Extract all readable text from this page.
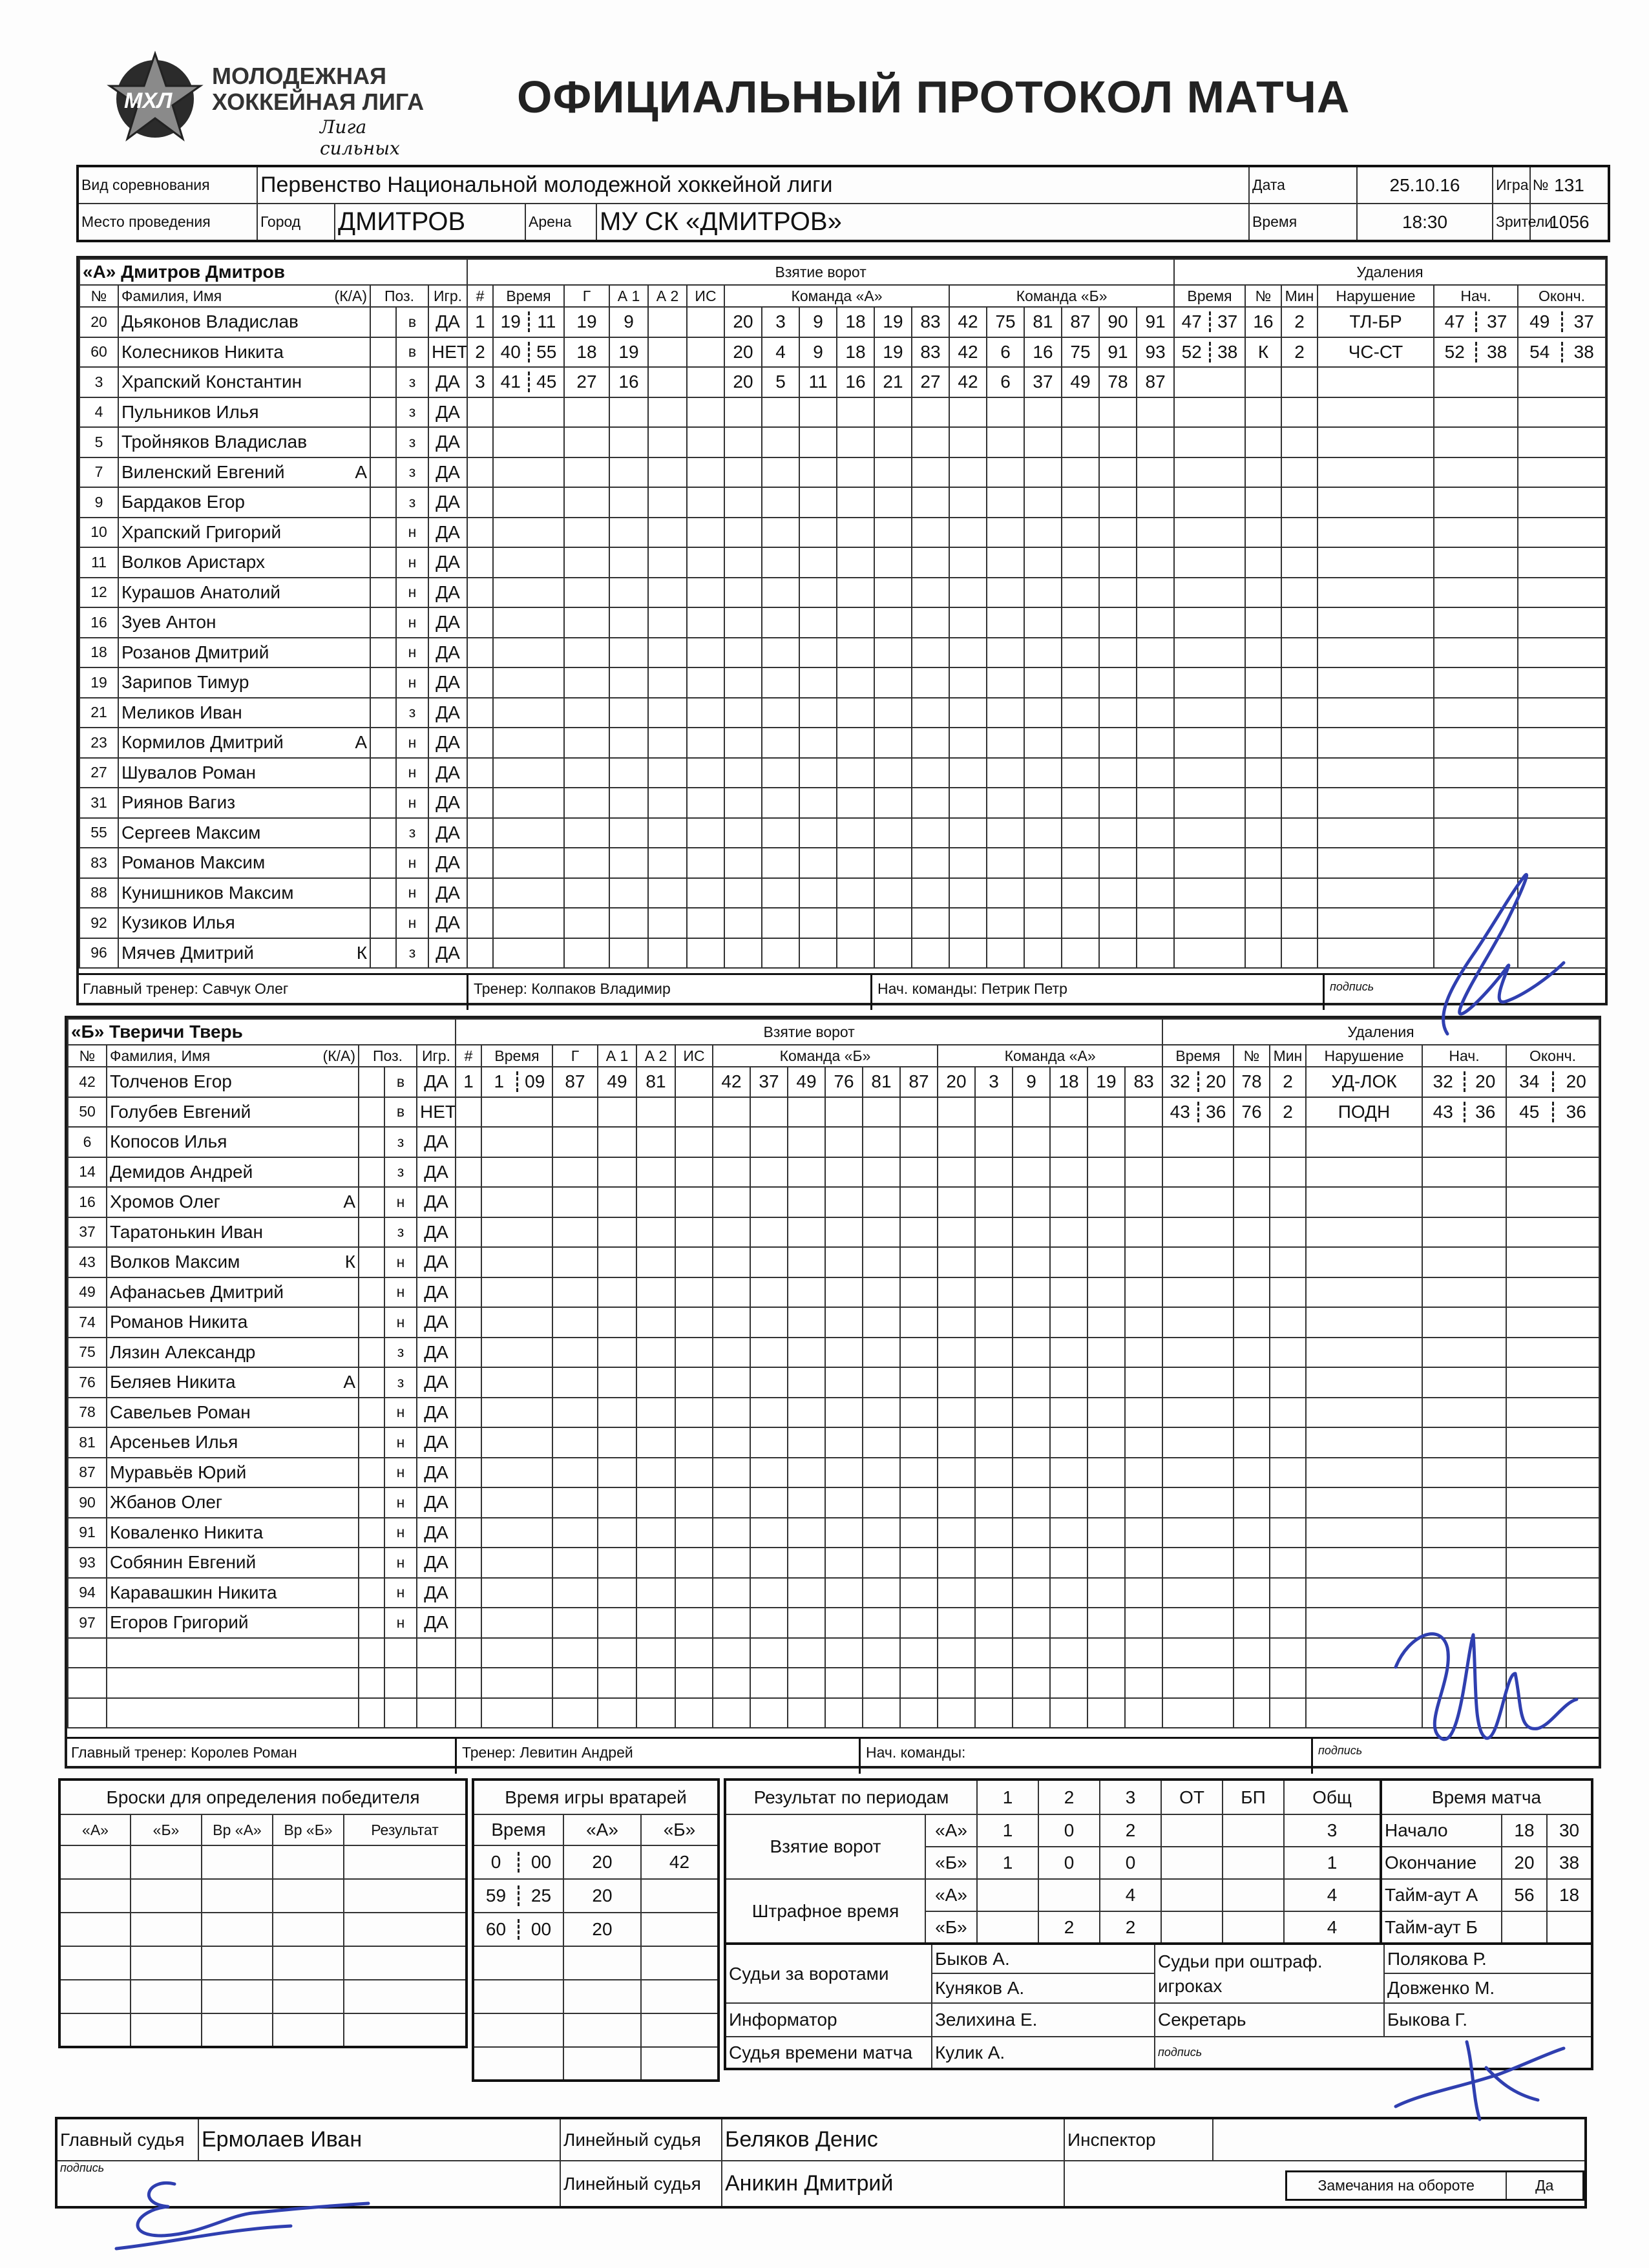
МХЛ
МОЛОДЕЖНАЯ
ХОККЕЙНАЯ ЛИГА
Лига сильных
ОФИЦИАЛЬНЫЙ ПРОТОКОЛ МАТЧА
Вид соревнования	Первенство Национальной молодежной хоккейной лиги				Дата	25.10.16	Игра №	131
Место проведения	Город	ДМИТРОВ	Арена	МУ СК «ДМИТРОВ»	Время	18:30	Зрители	1056
«А» Дмитров Дмитров				
№	Фамилия, Имя (К/А)	Поз.		Игр.
20	Дьяконов Владислав		в	ДА
60	Колесников Никита		в	НЕТ
3	Храпский Константин		з	ДА
4	Пульников Илья		з	ДА
5	Тройняков Владислав		з	ДА
7	Виленский Евгений А		з	ДА
9	Бардаков Егор		з	ДА
10	Храпский Григорий		н	ДА
11	Волков Аристарх		н	ДА
12	Курашов Анатолий		н	ДА
16	Зуев Антон		н	ДА
18	Розанов Дмитрий		н	ДА
19	Зарипов Тимур		н	ДА
21	Меликов Иван		з	ДА
23	Кормилов Дмитрий А		н	ДА
27	Шувалов Роман		н	ДА
31	Риянов Вагиз		н	ДА
55	Сергеев Максим		з	ДА
83	Романов Максим		н	ДА
88	Кунишников Максим		н	ДА
92	Кузиков Илья		н	ДА
96	Мячев Дмитрий К		з	ДА
Взятие ворот																	
#	Время	Г	А 1	А 2	ИС	Команда «А»						Команда «Б»					
1	19 11	19	9			20	3	9	18	19	83	42	75	81	87	90	91
2	40 55	18	19			20	4	9	18	19	83	42	6	16	75	91	93
3	41 45	27	16			20	5	11	16	21	27	42	6	37	49	78	87

Удаления					
Время	№	Мин	Нарушение	Нач.	Оконч.

47 37	16	2	ТЛ-БР	47 37	49 37

52 38	К	2	ЧС-СТ	52 38	54 38

Главный тренер: Савчук Олег	Тренер: Колпаков Владимир	Нач. команды: Петрик Петр	подпись
«Б» Тверичи Тверь				
№	Фамилия, Имя (К/А)	Поз.		Игр.
42	Толченов Егор		в	ДА
50	Голубев Евгений		в	НЕТ
6	Копосов Илья		з	ДА
14	Демидов Андрей		з	ДА
16	Хромов Олег А		н	ДА
37	Таратонькин Иван		з	ДА
43	Волков Максим К		н	ДА
49	Афанасьев Дмитрий		н	ДА
74	Романов Никита		н	ДА
75	Лязин Александр		з	ДА
76	Беляев Никита А		з	ДА
78	Савельев Роман		н	ДА
81	Арсеньев Илья		н	ДА
87	Муравьёв Юрий		н	ДА
90	Жбанов Олег		н	ДА
91	Коваленко Никита		н	ДА
93	Собянин Евгений		н	ДА
94	Каравашкин Никита		н	ДА
97	Егоров Григорий		н	ДА

Взятие ворот																	
#	Время	Г	А 1	А 2	ИС	Команда «Б»						Команда «А»					
1	1 09	87	49	81		42	37	49	76	81	87	20	3	9	18	19	83

Удаления					
Время	№	Мин	Нарушение	Нач.	Оконч.

32 20	78	2	УД-ЛОК	32 20	34 20

43 36	76	2	ПОДН	43 36	45 36

Главный тренер: Королев Роман	Тренер: Левитин Андрей	Нач. команды:	подпись
Броски для определения победителя				
«А»	«Б»	Вр «А»	Вр «Б»	Результат

Время игры вратарей		
Время	«А»	«Б»

0 00	20	42

59 25	20	

60 00	20	

Результат по периодам		1	2	3	ОТ	БП	Общ
Взятие ворот	«А»	1	0	2			3
	«Б»	1	0	0			1
Штрафное время	«А»			4			4
	«Б»		2	2			4
Время матча		
Начало	18	30
Окончание	20	38
Тайм-аут А	56	18
Тайм-аут Б		
Судьи за воротами	Быков А.	Судьи при оштраф. игроках	Полякова Р.
	Куняков А.		Довженко М.
Информатор	Зелихина Е.	Секретарь	Быкова Г.
Судья времени матча	Кулик А.	подпись	
Главный судья	Ермолаев Иван	Линейный судья	Беляков Денис	Инспектор	
подпись	Линейный судья	Аникин Дмитрий		Замечания на обороте	Да
